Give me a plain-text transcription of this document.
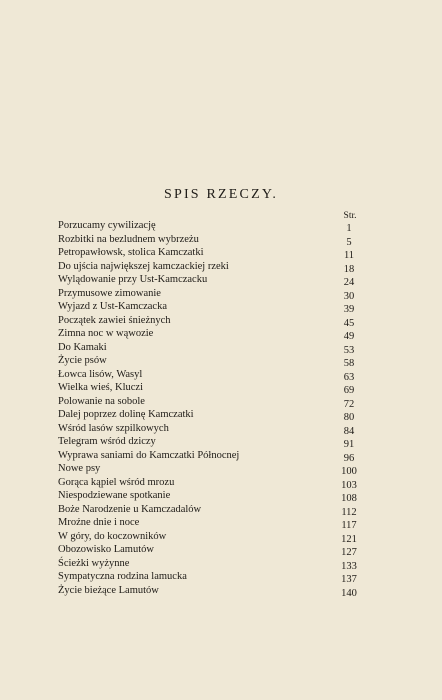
SPIS RZECZY.
Str.
Porzucamy cywilizację	1
Rozbitki na bezludnem wybrzeżu	5
Petropawłowsk, stolica Kamczatki	11
Do ujścia największej kamczackiej rzeki	18
Wylądowanie przy Ust-Kamczacku	24
Przymusowe zimowanie	30
Wyjazd z Ust-Kamczacka	39
Początek zawiei śnieżnych	45
Zimna noc w wąwozie	49
Do Kamaki	53
Życie psów	58
Łowca lisów, Wasyl	63
Wielka wieś, Kluczi	69
Polowanie na sobole	72
Dalej poprzez dolinę Kamczatki	80
Wśród lasów szpilkowych	84
Telegram wśród dziczy	91
Wyprawa saniami do Kamczatki Północnej	96
Nowe psy	100
Gorąca kąpiel wśród mrozu	103
Niespodziewane spotkanie	108
Boże Narodzenie u Kamczadalów	112
Mroźne dnie i noce	117
W góry, do koczowników	121
Obozowisko Lamutów	127
Ścieżki wyżynne	133
Sympatyczna rodzina lamucka	137
Życie bieżące Lamutów	140
